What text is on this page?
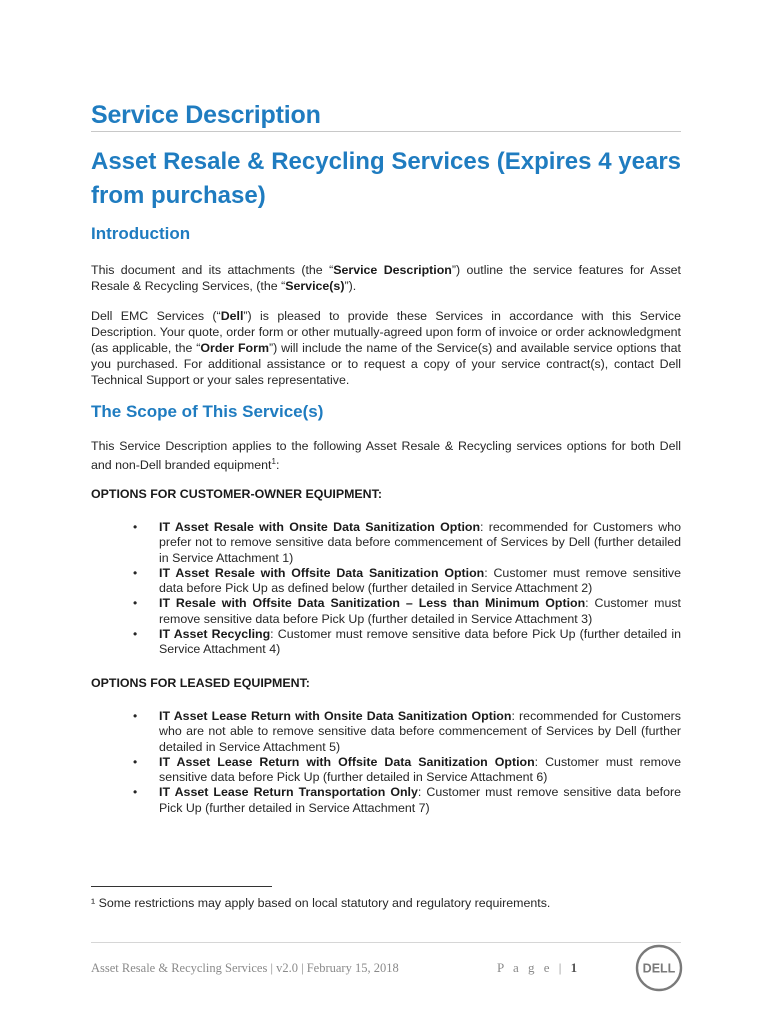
Service Description
Asset Resale & Recycling Services (Expires 4 years from purchase)
Introduction

This document and its attachments (the “Service Description”) outline the service features for Asset Resale & Recycling Services, (the “Service(s)”).

Dell EMC Services (“Dell”) is pleased to provide these Services in accordance with this Service Description. Your quote, order form or other mutually-agreed upon form of invoice or order acknowledgment (as applicable, the “Order Form”) will include the name of the Service(s) and available service options that you purchased. For additional assistance or to request a copy of your service contract(s), contact Dell Technical Support or your sales representative.

The Scope of This Service(s)

This Service Description applies to the following Asset Resale & Recycling services options for both Dell and non-Dell branded equipment$^1$:

OPTIONS FOR CUSTOMER-OWNER EQUIPMENT:

• IT Asset Resale with Onsite Data Sanitization Option: recommended for Customers who prefer not to remove sensitive data before commencement of Services by Dell (further detailed in Service Attachment 1)
• IT Asset Resale with Offsite Data Sanitization Option: Customer must remove sensitive data before Pick Up as defined below (further detailed in Service Attachment 2)
• IT Resale with Offsite Data Sanitization – Less than Minimum Option: Customer must remove sensitive data before Pick Up (further detailed in Service Attachment 3)
• IT Asset Recycling: Customer must remove sensitive data before Pick Up (further detailed in Service Attachment 4)

OPTIONS FOR LEASED EQUIPMENT:

• IT Asset Lease Return with Onsite Data Sanitization Option: recommended for Customers who are not able to remove sensitive data before commencement of Services by Dell (further detailed in Service Attachment 5)
• IT Asset Lease Return with Offsite Data Sanitization Option: Customer must remove sensitive data before Pick Up (further detailed in Service Attachment 6)
• IT Asset Lease Return Transportation Only: Customer must remove sensitive data before Pick Up (further detailed in Service Attachment 7)

¹ Some restrictions may apply based on local statutory and regulatory requirements.

Asset Resale & Recycling Services | v2.0 | February 15, 2018	P a g e | 1	DELL
